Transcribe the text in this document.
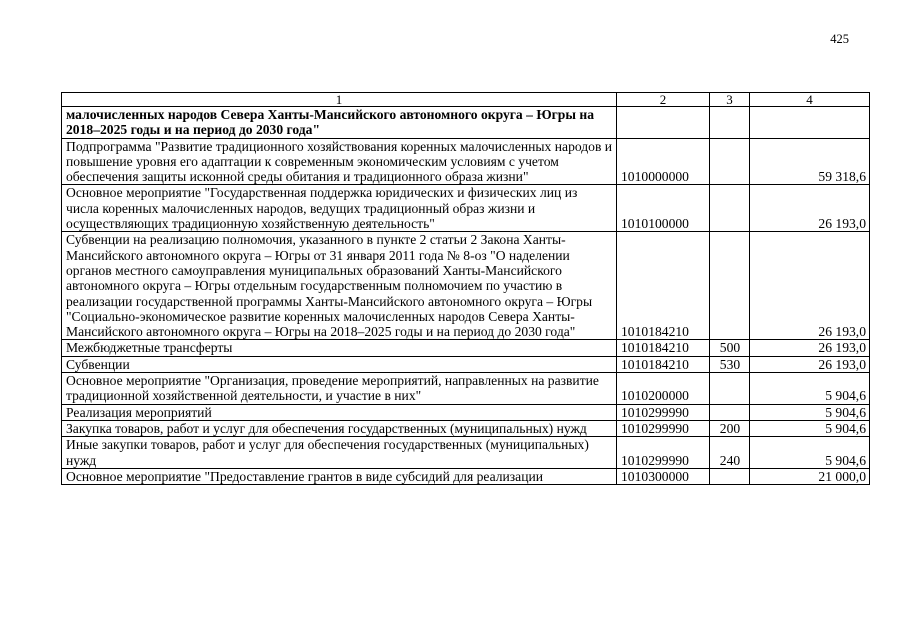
425
1	2	3	4
малочисленных народов Севера Ханты-Мансийского автономного округа – Югры на 2018–2025 годы и на период до 2030 года"			
Подпрограмма "Развитие традиционного хозяйствования коренных малочисленных народов и повышение уровня его адаптации к современным экономическим условиям с учетом обеспечения защиты исконной среды обитания и традиционного образа жизни"	1010000000		59 318,6
Основное мероприятие "Государственная поддержка юридических и физических лиц из числа коренных малочисленных народов, ведущих традиционный образ жизни и осуществляющих традиционную хозяйственную деятельность"	1010100000		26 193,0
Субвенции на реализацию полномочия, указанного в пункте 2 статьи 2 Закона Ханты-Мансийского автономного округа – Югры от 31 января 2011 года № 8-оз "О наделении органов местного самоуправления муниципальных образований Ханты-Мансийского автономного округа – Югры отдельным государственным полномочием по участию в реализации государственной программы Ханты-Мансийского автономного округа – Югры "Социально-экономическое развитие коренных малочисленных народов Севера Ханты-Мансийского автономного округа – Югры на 2018–2025 годы и на период до 2030 года"	1010184210		26 193,0
Межбюджетные трансферты	1010184210	500	26 193,0
Субвенции	1010184210	530	26 193,0
Основное мероприятие "Организация, проведение мероприятий, направленных на развитие традиционной хозяйственной деятельности, и участие в них"	1010200000		5 904,6
Реализация мероприятий	1010299990		5 904,6
Закупка товаров, работ и услуг для обеспечения государственных (муниципальных) нужд	1010299990	200	5 904,6
Иные закупки товаров, работ и услуг для обеспечения государственных (муниципальных) нужд	1010299990	240	5 904,6
Основное мероприятие "Предоставление грантов в виде субсидий для реализации	1010300000		21 000,0
